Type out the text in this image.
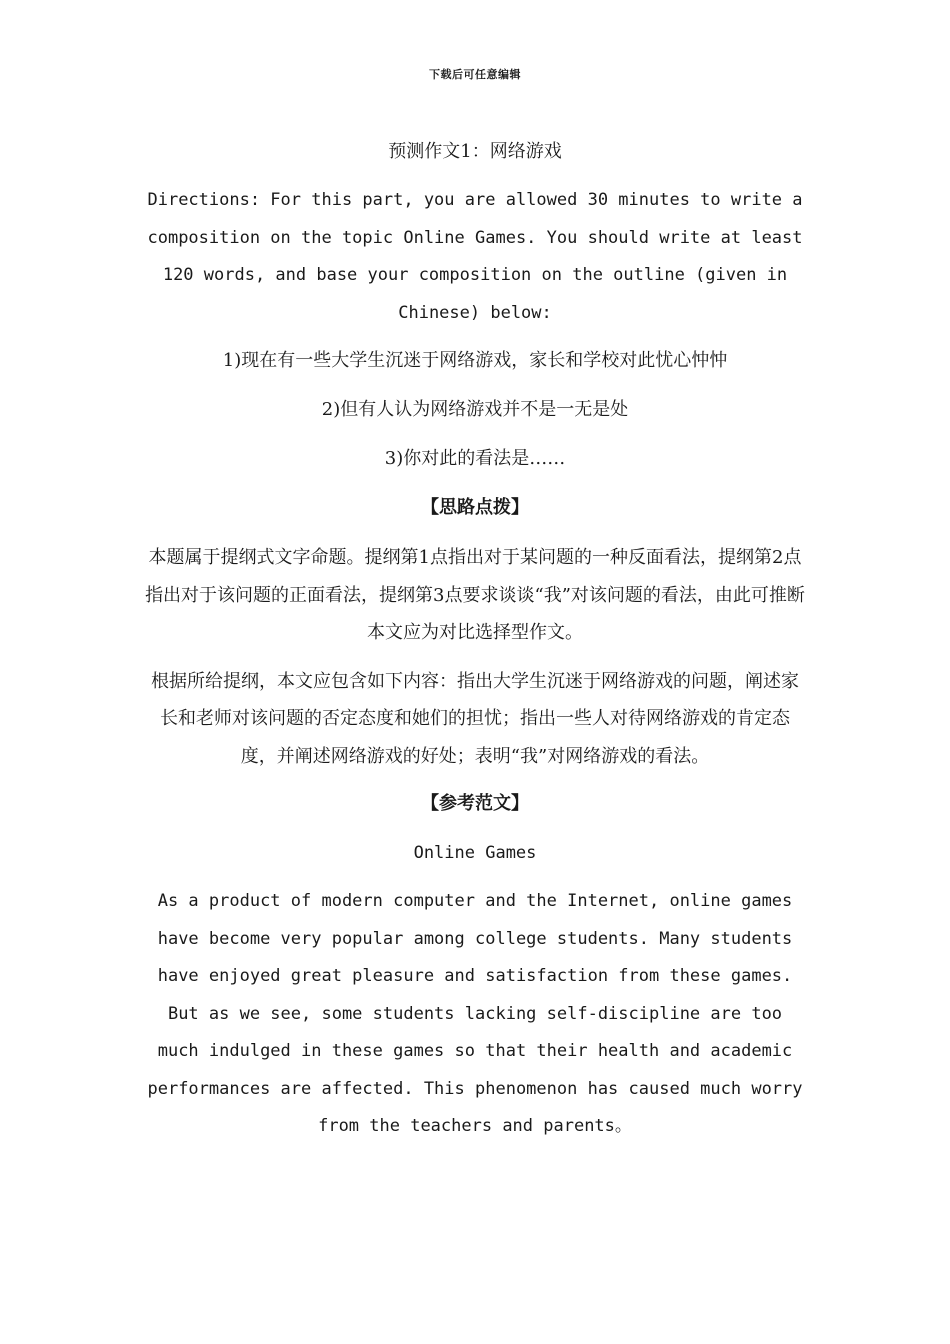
下载后可任意编辑

预测作文1：网络游戏

Directions: For this part, you are allowed 30 minutes to write a composition on the topic Online Games. You should write at least 120 words, and base your composition on the outline (given in Chinese) below:

1)现在有一些大学生沉迷于网络游戏，家长和学校对此忧心忡忡

2)但有人认为网络游戏并不是一无是处

3)你对此的看法是……

【思路点拨】

本题属于提纲式文字命题。提纲第1点指出对于某问题的一种反面看法，提纲第2点指出对于该问题的正面看法，提纲第3点要求谈谈“我”对该问题的看法，由此可推断本文应为对比选择型作文。

根据所给提纲，本文应包含如下内容：指出大学生沉迷于网络游戏的问题，阐述家长和老师对该问题的否定态度和她们的担忧；指出一些人对待网络游戏的肯定态度，并阐述网络游戏的好处；表明“我”对网络游戏的看法。

【参考范文】

Online Games

As a product of modern computer and the Internet, online games have become very popular among college students. Many students have enjoyed great pleasure and satisfaction from these games. But as we see, some students lacking self-discipline are too much indulged in these games so that their health and academic performances are affected. This phenomenon has caused much worry from the teachers and parents。
